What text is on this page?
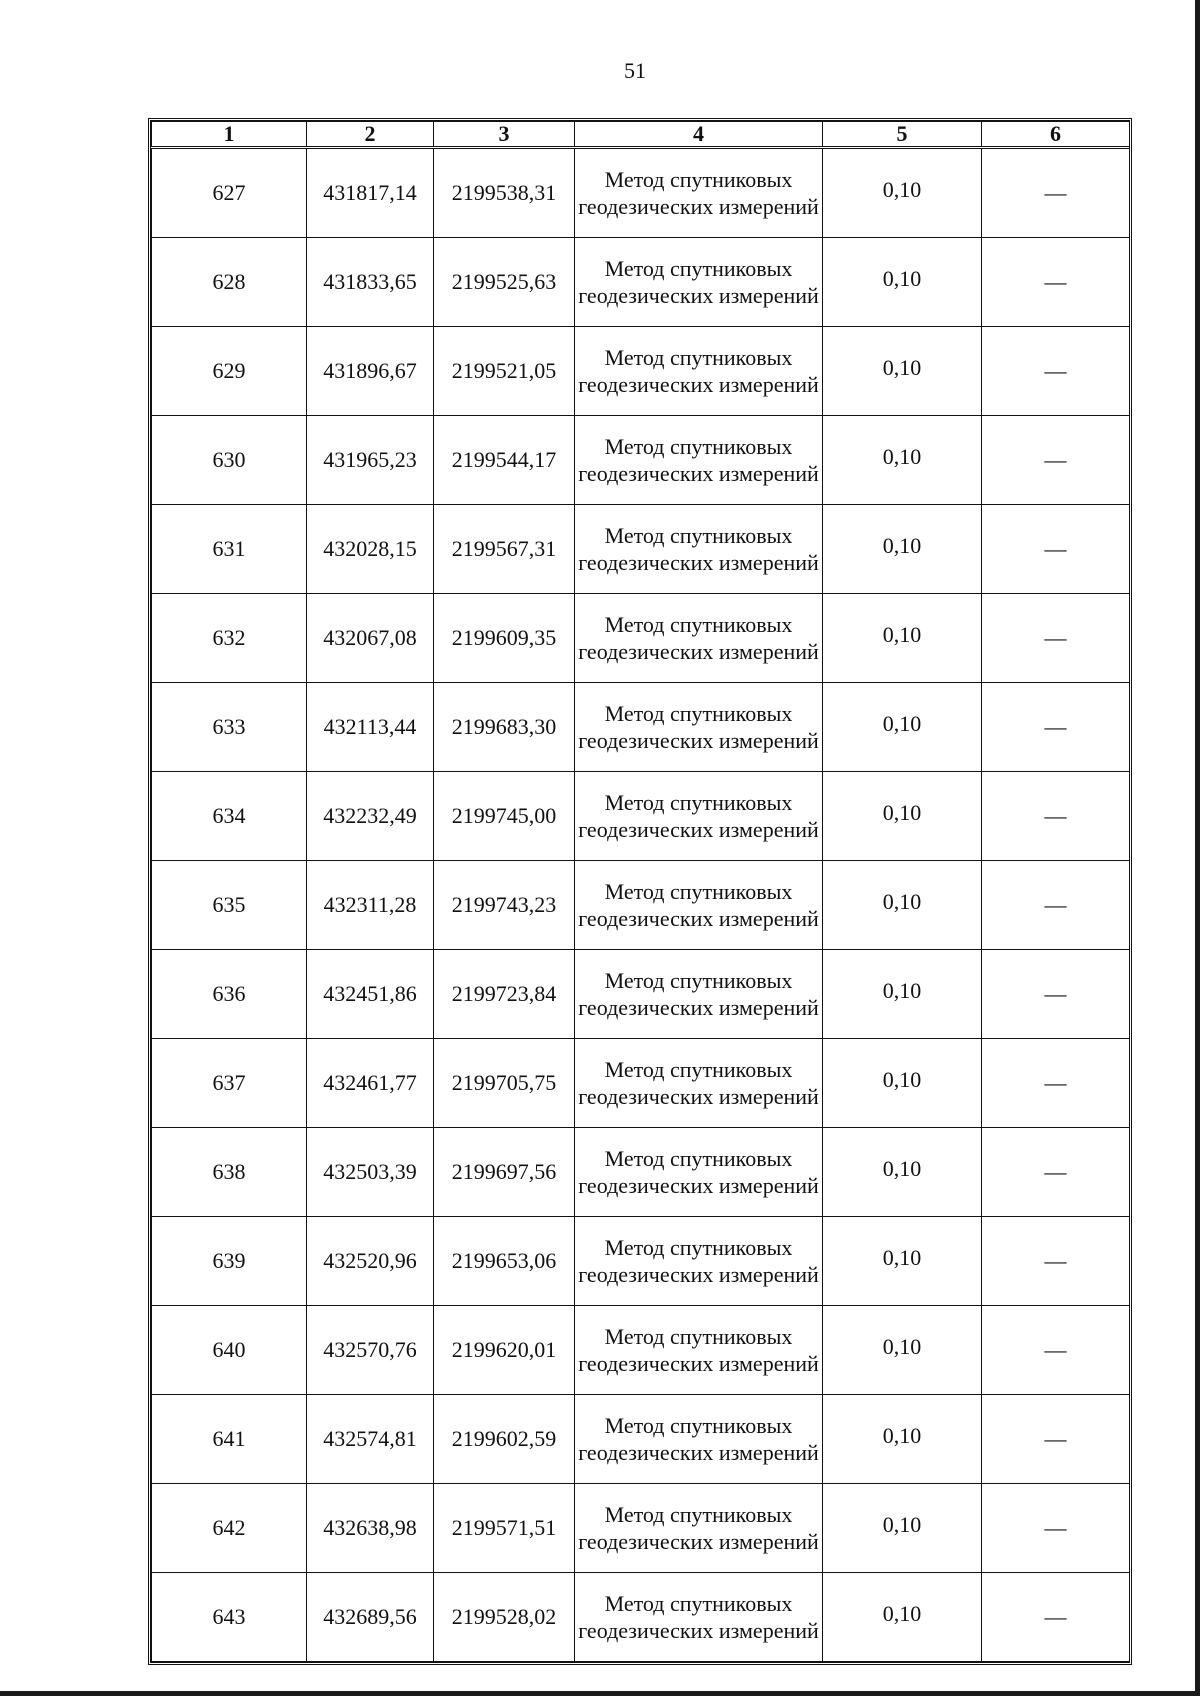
51
1	2	3	4	5	6
627	431817,14	2199538,31	Метод спутниковых геодезических измерений	0,10	—
628	431833,65	2199525,63	Метод спутниковых геодезических измерений	0,10	—
629	431896,67	2199521,05	Метод спутниковых геодезических измерений	0,10	—
630	431965,23	2199544,17	Метод спутниковых геодезических измерений	0,10	—
631	432028,15	2199567,31	Метод спутниковых геодезических измерений	0,10	—
632	432067,08	2199609,35	Метод спутниковых геодезических измерений	0,10	—
633	432113,44	2199683,30	Метод спутниковых геодезических измерений	0,10	—
634	432232,49	2199745,00	Метод спутниковых геодезических измерений	0,10	—
635	432311,28	2199743,23	Метод спутниковых геодезических измерений	0,10	—
636	432451,86	2199723,84	Метод спутниковых геодезических измерений	0,10	—
637	432461,77	2199705,75	Метод спутниковых геодезических измерений	0,10	—
638	432503,39	2199697,56	Метод спутниковых геодезических измерений	0,10	—
639	432520,96	2199653,06	Метод спутниковых геодезических измерений	0,10	—
640	432570,76	2199620,01	Метод спутниковых геодезических измерений	0,10	—
641	432574,81	2199602,59	Метод спутниковых геодезических измерений	0,10	—
642	432638,98	2199571,51	Метод спутниковых геодезических измерений	0,10	—
643	432689,56	2199528,02	Метод спутниковых геодезических измерений	0,10	—
